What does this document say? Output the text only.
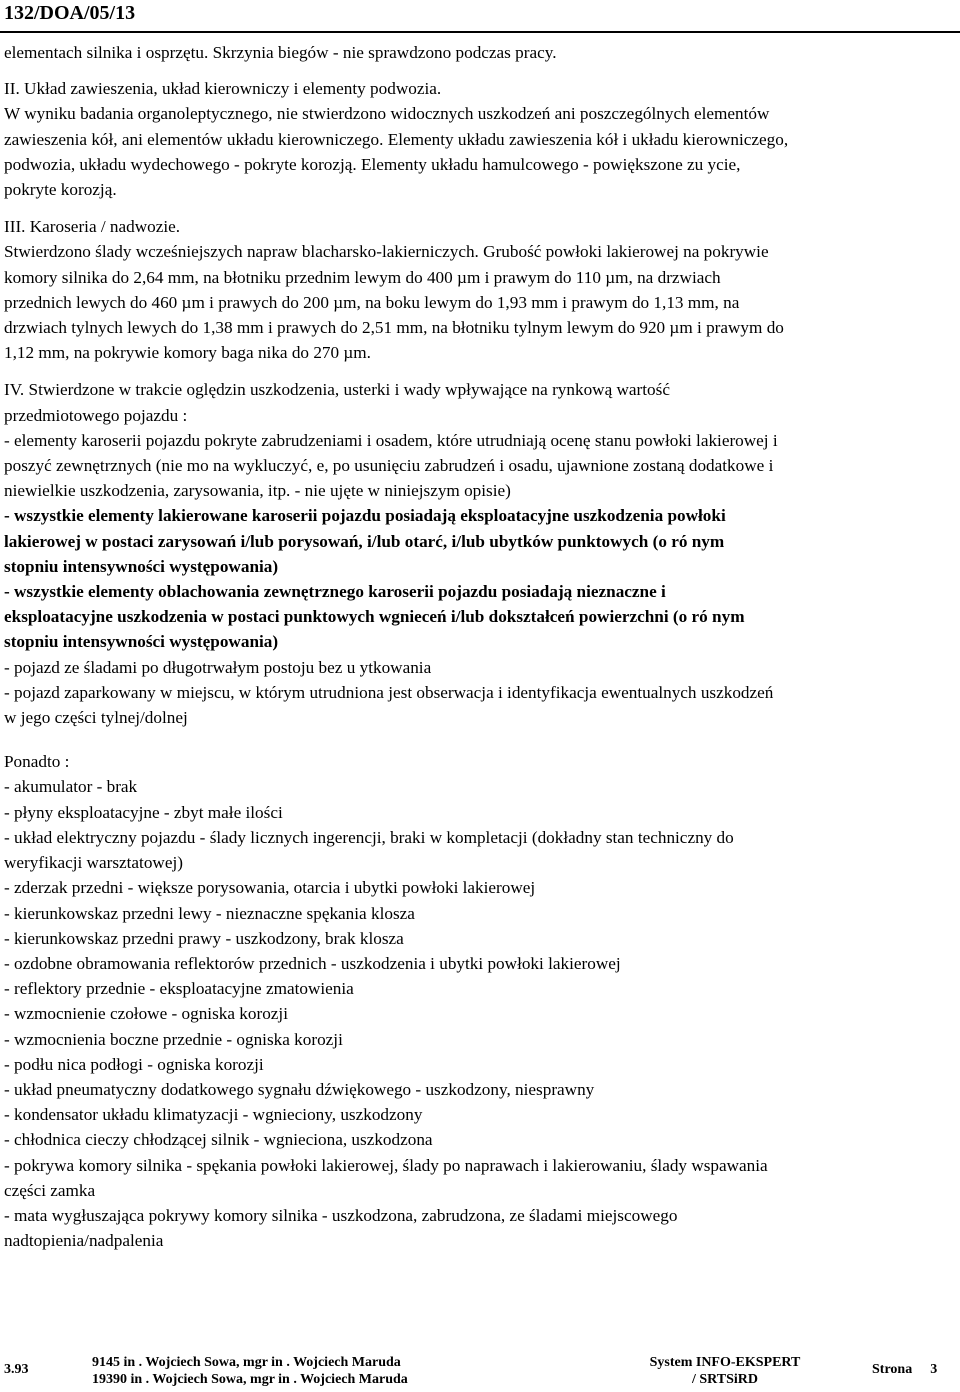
132/DOA/05/13

elementach silnika i osprzętu. Skrzynia biegów - nie sprawdzono podczas pracy.

II. Układ zawieszenia, układ kierowniczy i elementy podwozia.

W wyniku badania organoleptycznego, nie stwierdzono widocznych uszkodzeń ani poszczególnych elementów

zawieszenia kół, ani elementów układu kierowniczego. Elementy układu zawieszenia kół i układu kierowniczego,

podwozia, układu wydechowego - pokryte korozją. Elementy układu hamulcowego - powiększone zu ycie,

pokryte korozją.

III. Karoseria / nadwozie.

Stwierdzono ślady wcześniejszych napraw blacharsko-lakierniczych. Grubość powłoki lakierowej na pokrywie

komory silnika do 2,64 mm, na błotniku przednim lewym do 400 µm i prawym do 110 µm, na drzwiach

przednich lewych do 460 µm i prawych do 200 µm, na boku lewym do 1,93 mm i prawym do 1,13 mm, na

drzwiach tylnych lewych do 1,38 mm i prawych do 2,51 mm, na błotniku tylnym lewym do 920 µm i prawym do

1,12 mm, na pokrywie komory baga nika do 270 µm.

IV. Stwierdzone w trakcie oględzin uszkodzenia, usterki i wady wpływające na rynkową wartość

przedmiotowego pojazdu :

- elementy karoserii pojazdu pokryte zabrudzeniami i osadem, które utrudniają ocenę stanu powłoki lakierowej i

poszyć zewnętrznych (nie mo na wykluczyć, e, po usunięciu zabrudzeń i osadu, ujawnione zostaną dodatkowe i

niewielkie uszkodzenia, zarysowania, itp. - nie ujęte w niniejszym opisie)

- wszystkie elementy lakierowane karoserii pojazdu posiadają eksploatacyjne uszkodzenia powłoki

lakierowej w postaci zarysowań i/lub porysowań, i/lub otarć, i/lub ubytków punktowych (o ró nym

stopniu intensywności występowania)

- wszystkie elementy oblachowania zewnętrznego karoserii pojazdu posiadają nieznaczne i

eksploatacyjne uszkodzenia w postaci punktowych wgnieceń i/lub dokształceń powierzchni (o ró nym

stopniu intensywności występowania)

- pojazd ze śladami po długotrwałym postoju bez u ytkowania

- pojazd zaparkowany w miejscu, w którym utrudniona jest obserwacja i identyfikacja ewentualnych uszkodzeń

w jego części tylnej/dolnej

Ponadto :

- akumulator - brak

- płyny eksploatacyjne - zbyt małe ilości

- układ elektryczny pojazdu - ślady licznych ingerencji, braki w kompletacji (dokładny stan techniczny do

weryfikacji warsztatowej)

- zderzak przedni - większe porysowania, otarcia i ubytki powłoki lakierowej

- kierunkowskaz przedni lewy - nieznaczne spękania klosza

- kierunkowskaz przedni prawy - uszkodzony, brak klosza

- ozdobne obramowania reflektorów przednich - uszkodzenia i ubytki powłoki lakierowej

- reflektory przednie - eksploatacyjne zmatowienia

- wzmocnienie czołowe - ogniska korozji

- wzmocnienia boczne przednie - ogniska korozji

- podłu nica podłogi - ogniska korozji

- układ pneumatyczny dodatkowego sygnału dźwiękowego - uszkodzony, niesprawny

- kondensator układu klimatyzacji - wgnieciony, uszkodzony

- chłodnica cieczy chłodzącej silnik - wgnieciona, uszkodzona

- pokrywa komory silnika - spękania powłoki lakierowej, ślady po naprawach i lakierowaniu, ślady wspawania

części zamka

- mata wygłuszająca pokrywy komory silnika - uszkodzona, zabrudzona, ze śladami miejscowego

nadtopienia/nadpalenia

3.93	9145 in . Wojciech Sowa, mgr in . Wojciech Maruda
19390 in . Wojciech Sowa, mgr in . Wojciech Maruda
System INFO-EKSPERT
/ SRTSiRD
Strona 3
